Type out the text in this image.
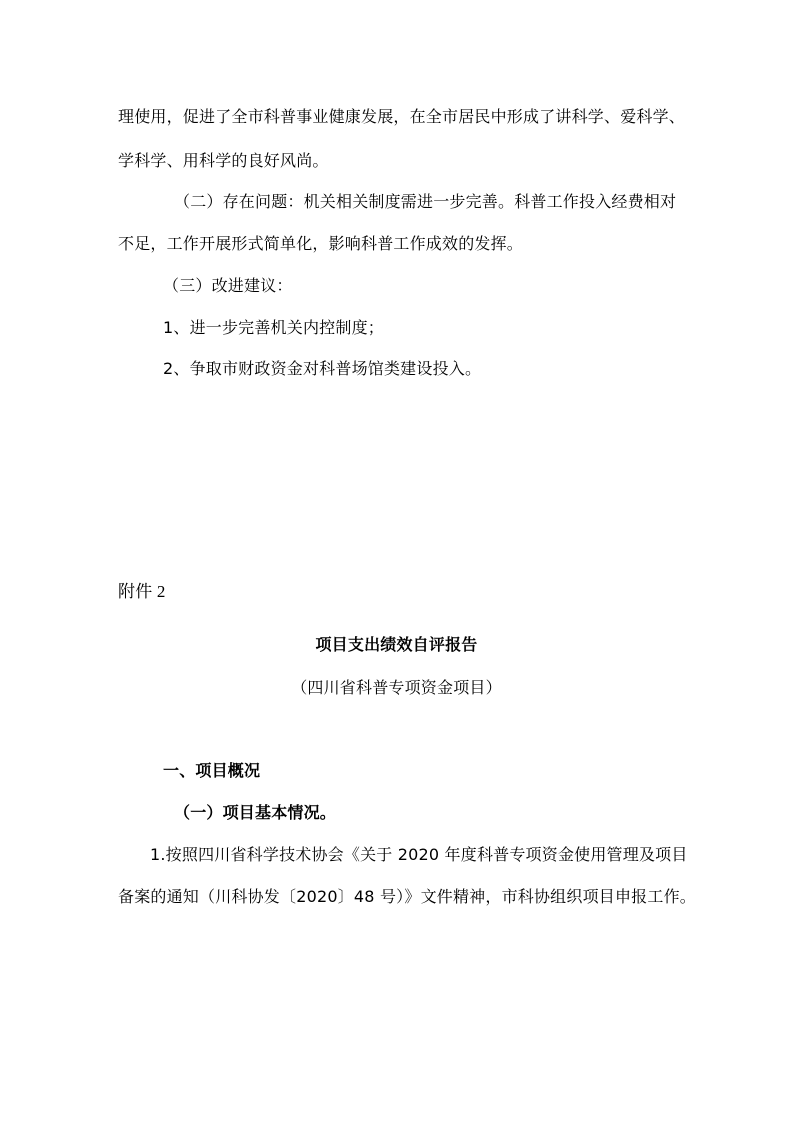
理使用，促进了全市科普事业健康发展，在全市居民中形成了讲科学、爱科学、
学科学、用科学的良好风尚。
（二）存在问题：机关相关制度需进一步完善。科普工作投入经费相对
不足，工作开展形式简单化，影响科普工作成效的发挥。
（三）改进建议：
1、进一步完善机关内控制度；
2、争取市财政资金对科普场馆类建设投入。
附件 2
项目支出绩效自评报告
（四川省科普专项资金项目）
一、项目概况
（一）项目基本情况。
1.按照四川省科学技术协会《关于 2020 年度科普专项资金使用管理及项目
备案的通知（川科协发〔2020〕48 号）》文件精神，市科协组织项目申报工作。
